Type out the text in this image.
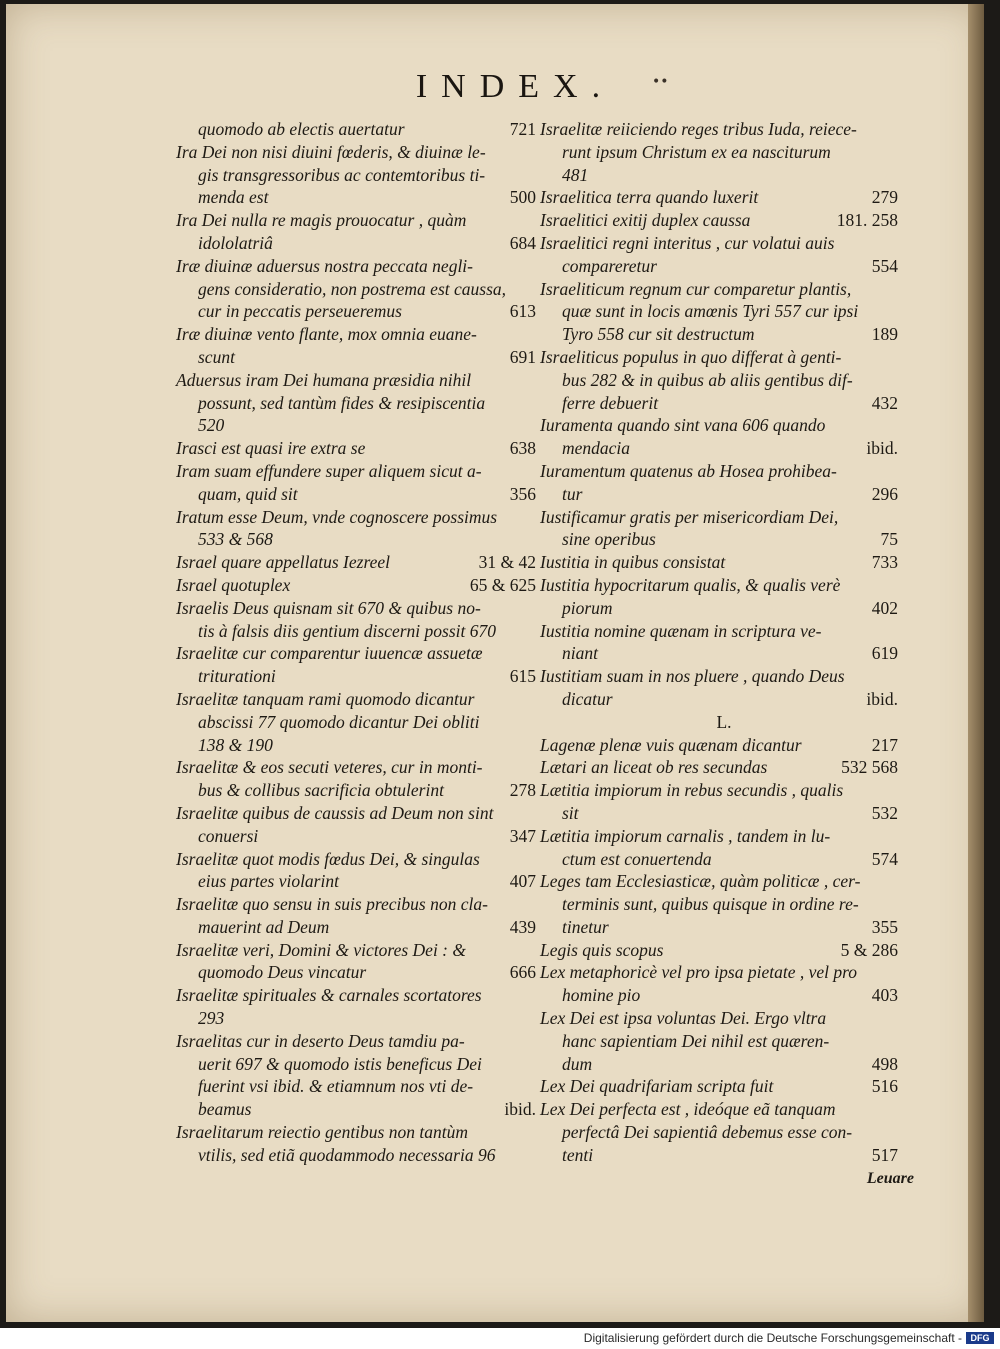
INDEX.	••
721
quomodo ab electis auertatur
Ira Dei non nisi diuini fœderis, & diuinæ le-
gis transgressoribus ac contemtoribus ti-
500
menda est
Ira Dei nulla re magis prouocatur , quàm
684
idololatriâ
Iræ diuinæ aduersus nostra peccata negli-
gens consideratio, non postrema est caussa,
613
cur in peccatis perseueremus
Iræ diuinæ vento flante, mox omnia euane-
691
scunt
Aduersus iram Dei humana præsidia nihil
possunt, sed tantùm fides & resipiscentia
520
638
Irasci est quasi ire extra se
Iram suam effundere super aliquem sicut a-
356
quam, quid sit
Iratum esse Deum, vnde cognoscere possimus
533 & 568
31 & 42
Israel quare appellatus Iezreel
65 & 625
Israel quotuplex
Israelis Deus quisnam sit 670 & quibus no-
tis à falsis diis gentium discerni possit 670
Israelitæ cur comparentur iuuencæ assuetæ
615
triturationi
Israelitæ tanquam rami quomodo dicantur
abscissi 77 quomodo dicantur Dei obliti
138 & 190
Israelitæ & eos secuti veteres, cur in monti-
278
bus & collibus sacrificia obtulerint
Israelitæ quibus de caussis ad Deum non sint
347
conuersi
Israelitæ quot modis fœdus Dei, & singulas
407
eius partes violarint
Israelitæ quo sensu in suis precibus non cla-
439
mauerint ad Deum
Israelitæ veri, Domini & victores Dei : &
666
quomodo Deus vincatur
Israelitæ spirituales & carnales scortatores
293
Israelitas cur in deserto Deus tamdiu pa-
uerit 697 & quomodo istis beneficus Dei
fuerint vsi ibid. & etiamnum nos vti de-
ibid.
beamus
Israelitarum reiectio gentibus non tantùm
vtilis, sed etiã quodammodo necessaria 96
Israelitæ reiiciendo reges tribus Iuda, reiece-
runt ipsum Christum ex ea nasciturum
481
279
Israelitica terra quando luxerit
181. 258
Israelitici exitij duplex caussa
Israelitici regni interitus , cur volatui auis
554
compareretur
Israeliticum regnum cur comparetur plantis,
quæ sunt in locis amœnis Tyri 557 cur ipsi
189
Tyro 558 cur sit destructum
Israeliticus populus in quo differat à genti-
bus 282 & in quibus ab aliis gentibus dif-
432
ferre debuerit
Iuramenta quando sint vana 606 quando
ibid.
mendacia
Iuramentum quatenus ab Hosea prohibea-
296
tur
Iustificamur gratis per misericordiam Dei,
75
sine operibus
733
Iustitia in quibus consistat
Iustitia hypocritarum qualis, & qualis verè
402
piorum
Iustitia nomine quænam in scriptura ve-
619
niant
Iustitiam suam in nos pluere , quando Deus
ibid.
dicatur
L.
217
Lagenæ plenæ vuis quænam dicantur
532 568
Lætari an liceat ob res secundas
Lætitia impiorum in rebus secundis , qualis
532
sit
Lætitia impiorum carnalis , tandem in lu-
574
ctum est conuertenda
Leges tam Ecclesiasticæ, quàm politicæ , cer-
terminis sunt, quibus quisque in ordine re-
355
tinetur
5 & 286
Legis quis scopus
Lex metaphoricè vel pro ipsa pietate , vel pro
403
homine pio
Lex Dei est ipsa voluntas Dei. Ergo vltra
hanc sapientiam Dei nihil est quæren-
498
dum
516
Lex Dei quadrifariam scripta fuit
Lex Dei perfecta est , ideóque eã tanquam
perfectâ Dei sapientiâ debemus esse con-
517
tenti
Leuare
Digitalisierung gefördert durch die Deutsche Forschungsgemeinschaft - DFG
